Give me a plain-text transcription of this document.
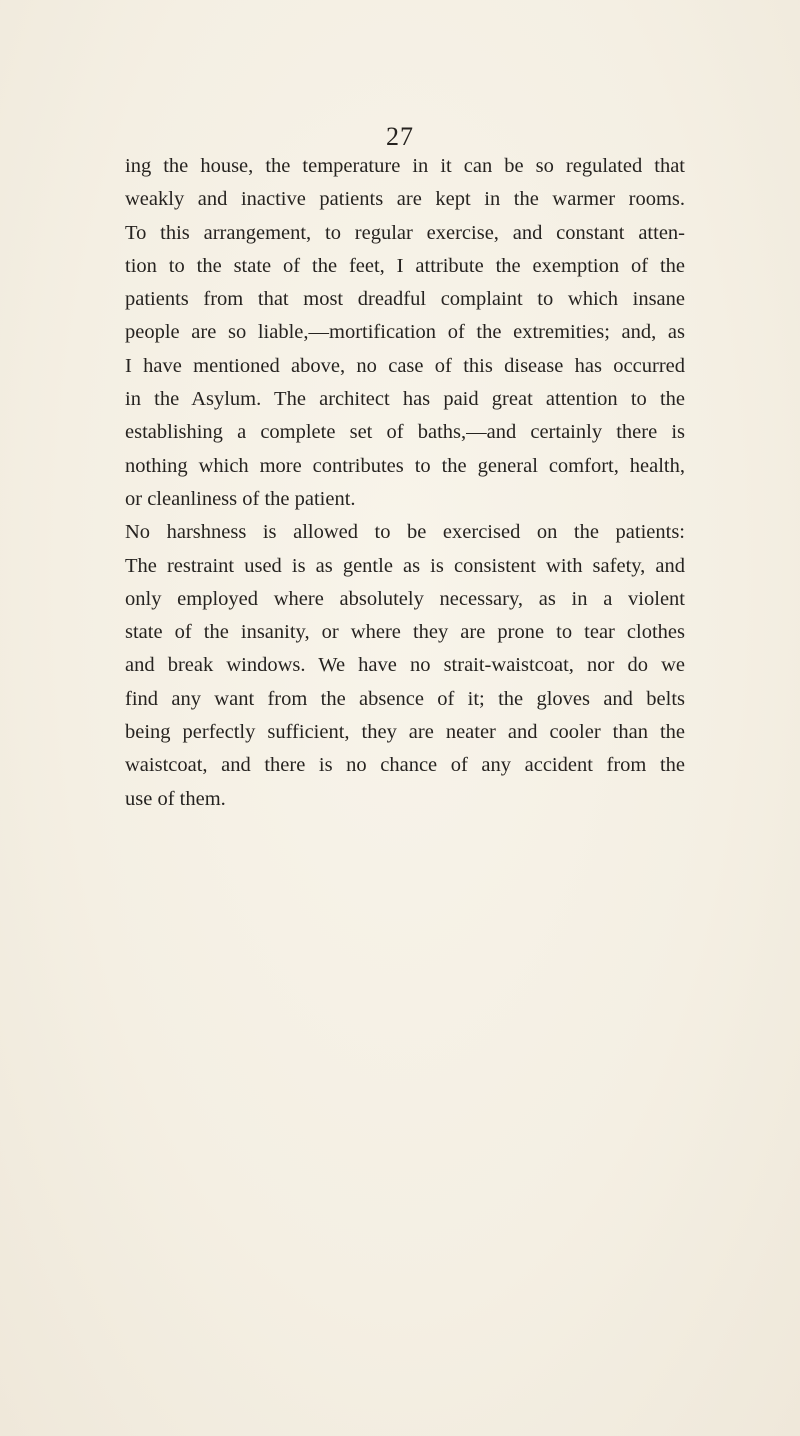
27
ing the house, the temperature in it can be so regulated that
weakly and inactive patients are kept in the warmer rooms.
To this arrangement, to regular exercise, and constant atten-
tion to the state of the feet, I attribute the exemption of the
patients from that most dreadful complaint to which insane
people are so liable,—mortification of the extremities; and, as
I have mentioned above, no case of this disease has occurred
in the Asylum. The architect has paid great attention to the
establishing a complete set of baths,—and certainly there is
nothing which more contributes to the general comfort, health,
or cleanliness of the patient.
No harshness is allowed to be exercised on the patients:
The restraint used is as gentle as is consistent with safety, and
only employed where absolutely necessary, as in a violent
state of the insanity, or where they are prone to tear clothes
and break windows. We have no strait-waistcoat, nor do we
find any want from the absence of it; the gloves and belts
being perfectly sufficient, they are neater and cooler than the
waistcoat, and there is no chance of any accident from the
use of them.
